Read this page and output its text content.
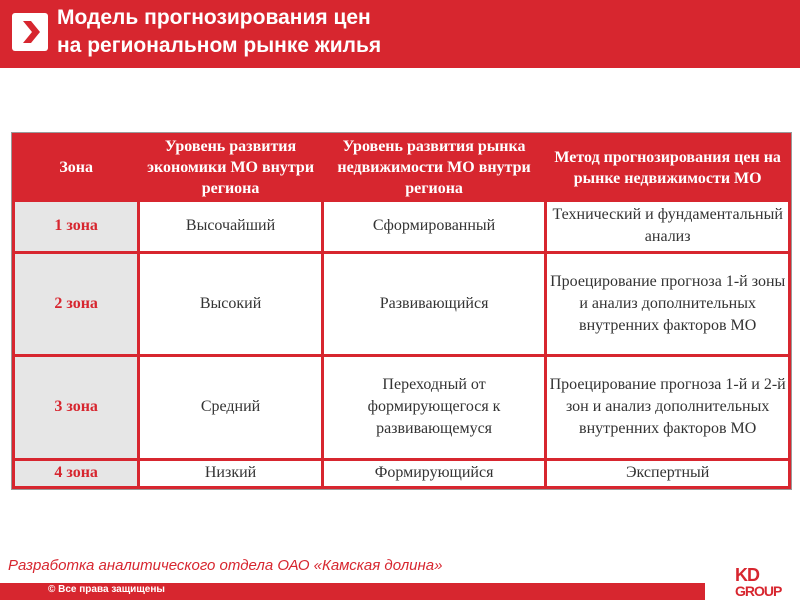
Модель прогнозирования цен
на региональном рынке жилья
Зона	Уровень развития экономики МО внутри региона	Уровень развития рынка недвижимости МО внутри региона	Метод прогнозирования цен на рынке недвижимости МО
1 зона	Высочайший	Сформированный	Технический и фундаментальный анализ
2 зона	Высокий	Развивающийся	Проецирование прогноза 1-й зоны и анализ дополнительных внутренних факторов МО
3 зона	Средний	Переходный от формирующегося к развивающемуся	Проецирование прогноза 1-й и 2-й зон и анализ дополнительных внутренних факторов МО
4 зона	Низкий	Формирующийся	Экспертный
Разработка аналитического отдела ОАО «Камская долина»
© Все права защищены
KD
GROUP
